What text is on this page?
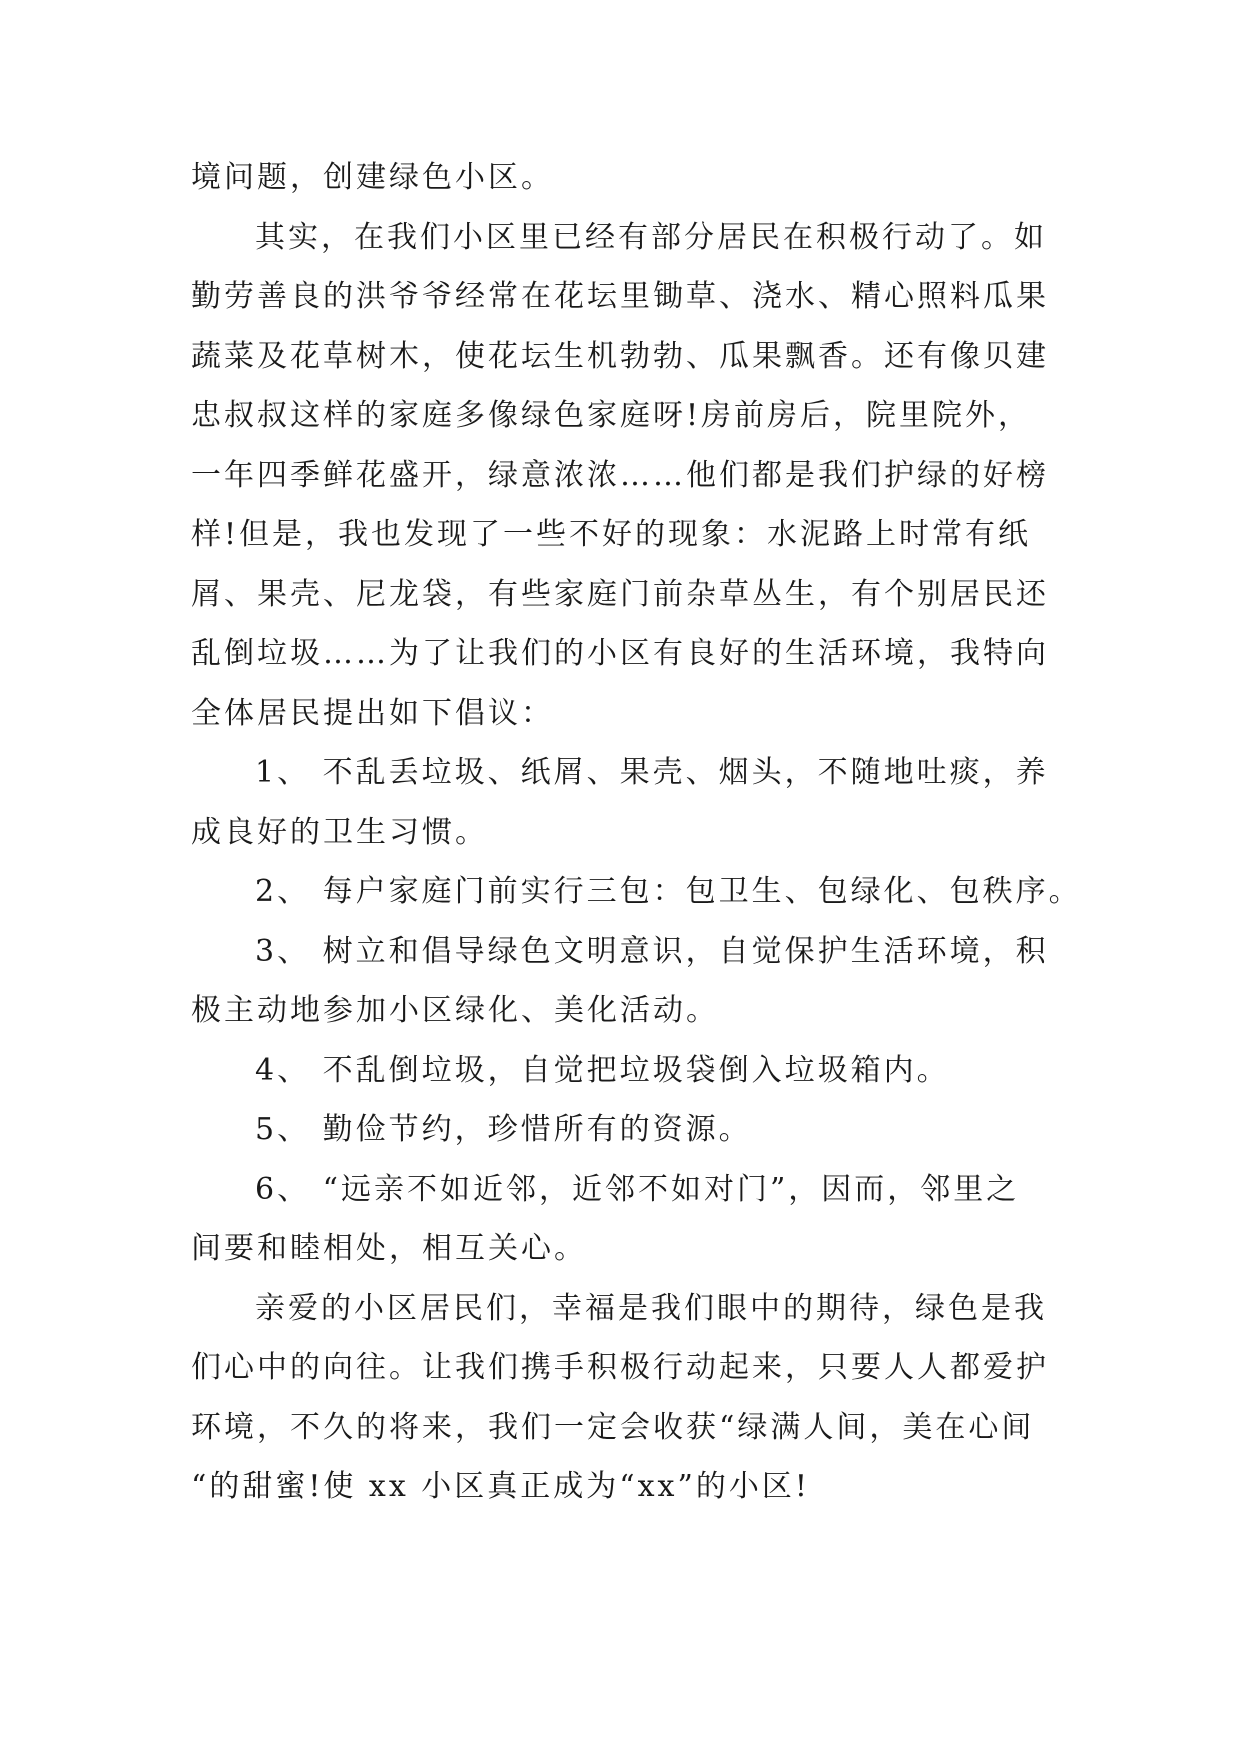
境问题，创建绿色小区。
其实，在我们小区里已经有部分居民在积极行动了。如
勤劳善良的洪爷爷经常在花坛里锄草、浇水、精心照料瓜果
蔬菜及花草树木，使花坛生机勃勃、瓜果飘香。还有像贝建
忠叔叔这样的家庭多像绿色家庭呀!房前房后，院里院外，
一年四季鲜花盛开，绿意浓浓……他们都是我们护绿的好榜
样!但是，我也发现了一些不好的现象：水泥路上时常有纸
屑、果壳、尼龙袋，有些家庭门前杂草丛生，有个别居民还
乱倒垃圾……为了让我们的小区有良好的生活环境，我特向
全体居民提出如下倡议：
1、 不乱丢垃圾、纸屑、果壳、烟头，不随地吐痰，养
成良好的卫生习惯。
2、 每户家庭门前实行三包：包卫生、包绿化、包秩序。
3、 树立和倡导绿色文明意识，自觉保护生活环境，积
极主动地参加小区绿化、美化活动。
4、 不乱倒垃圾，自觉把垃圾袋倒入垃圾箱内。
5、 勤俭节约，珍惜所有的资源。
6、 “远亲不如近邻，近邻不如对门”，因而，邻里之
间要和睦相处，相互关心。
亲爱的小区居民们，幸福是我们眼中的期待，绿色是我
们心中的向往。让我们携手积极行动起来，只要人人都爱护
环境，不久的将来，我们一定会收获“绿满人间，美在心间
“的甜蜜!使 xx 小区真正成为“xx”的小区!
